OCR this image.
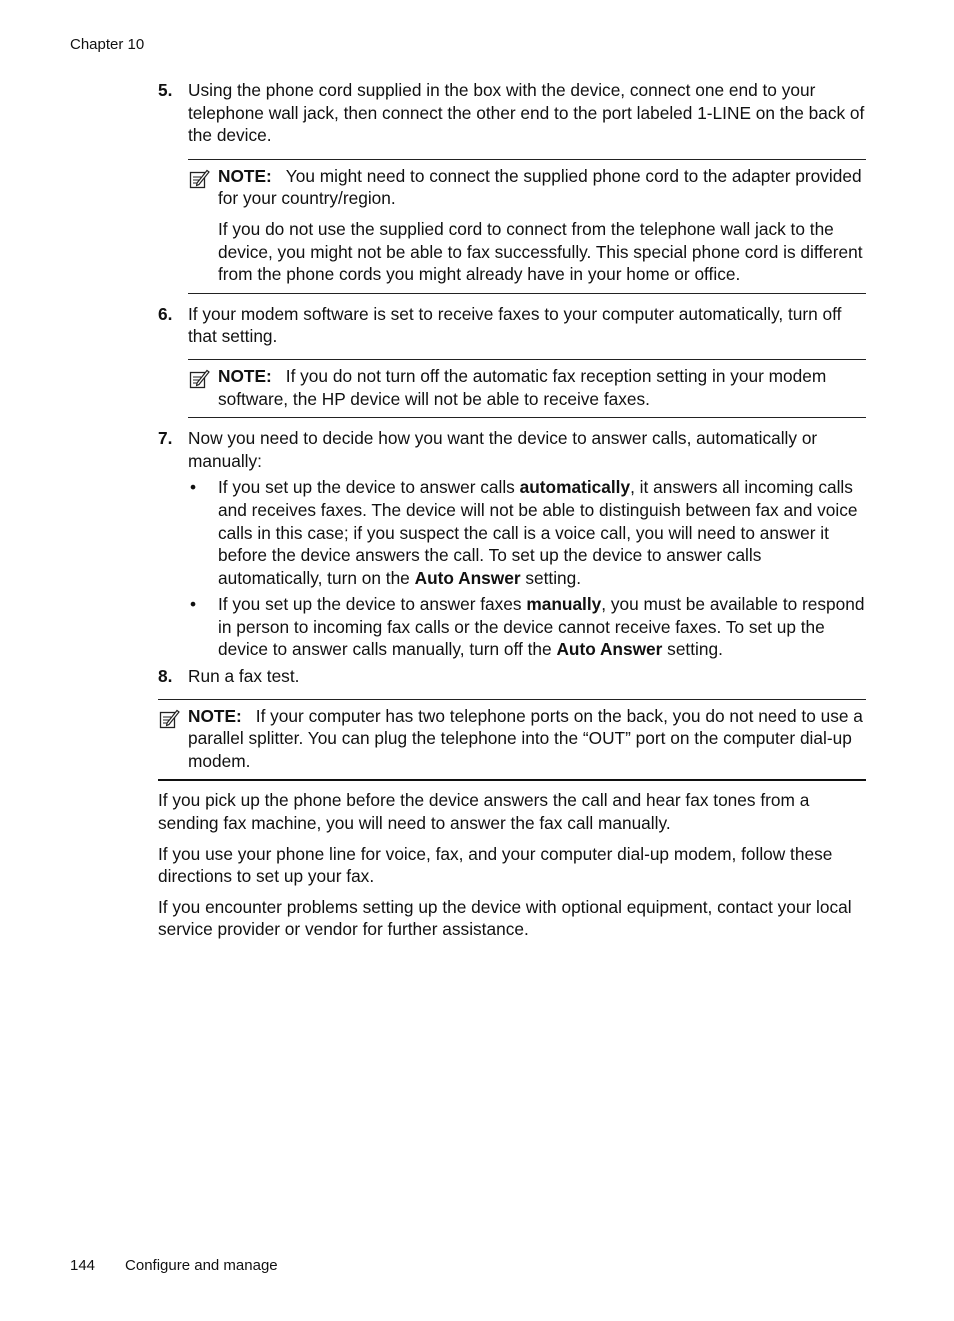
Chapter 10
5. Using the phone cord supplied in the box with the device, connect one end to your telephone wall jack, then connect the other end to the port labeled 1-LINE on the back of the device.

NOTE: You might need to connect the supplied phone cord to the adapter provided for your country/region.

If you do not use the supplied cord to connect from the telephone wall jack to the device, you might not be able to fax successfully. This special phone cord is different from the phone cords you might already have in your home or office.

6. If your modem software is set to receive faxes to your computer automatically, turn off that setting.

NOTE: If you do not turn off the automatic fax reception setting in your modem software, the HP device will not be able to receive faxes.

7. Now you need to decide how you want the device to answer calls, automatically or manually:

•	If you set up the device to answer calls automatically, it answers all incoming calls and receives faxes. The device will not be able to distinguish between fax and voice calls in this case; if you suspect the call is a voice call, you will need to answer it before the device answers the call. To set up the device to answer calls automatically, turn on the Auto Answer setting.
•	If you set up the device to answer faxes manually, you must be available to respond in person to incoming fax calls or the device cannot receive faxes. To set up the device to answer calls manually, turn off the Auto Answer setting.
8. Run a fax test.

NOTE: If your computer has two telephone ports on the back, you do not need to use a parallel splitter. You can plug the telephone into the “OUT” port on the computer dial-up modem.

If you pick up the phone before the device answers the call and hear fax tones from a sending fax machine, you will need to answer the fax call manually.

If you use your phone line for voice, fax, and your computer dial-up modem, follow these directions to set up your fax.

If you encounter problems setting up the device with optional equipment, contact your local service provider or vendor for further assistance.

144 Configure and manage
